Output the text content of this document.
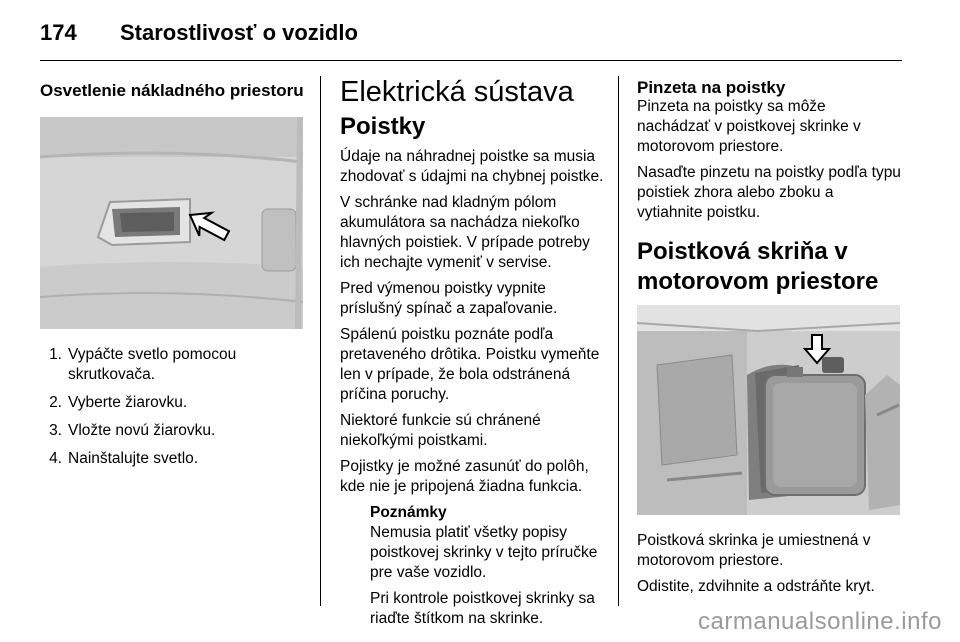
174 Starostlivosť o vozidlo
Osvetlenie nákladného priestoru
1. Vypáčte svetlo pomocou skrutkovača.
2. Vyberte žiarovku.
3. Vložte novú žiarovku.
4. Nainštalujte svetlo.
Elektrická sústava
Poistky

Údaje na náhradnej poistke sa musia zhodovať s údajmi na chybnej poistke.

V schránke nad kladným pólom akumulátora sa nachádza niekoľko hlavných poistiek. V prípade potreby ich nechajte vymeniť v servise.

Pred výmenou poistky vypnite príslušný spínač a zapaľovanie.

Spálenú poistku poznáte podľa pretaveného drôtika. Poistku vymeňte len v prípade, že bola odstránená príčina poruchy.

Niektoré funkcie sú chránené niekoľkými poistkami.

Pojistky je možné zasunúť do polôh, kde nie je pripojená žiadna funkcia.

Poznámky

Nemusia platiť všetky popisy poistkovej skrinky v tejto príručke pre vaše vozidlo.

Pri kontrole poistkovej skrinky sa riaďte štítkom na skrinke.

Pinzeta na poistky

Pinzeta na poistky sa môže nachádzať v poistkovej skrinke v motorovom priestore.

Nasaďte pinzetu na poistky podľa typu poistiek zhora alebo zboku a vytiahnite poistku.

Poistková skriňa v motorovom priestore

Poistková skrinka je umiestnená v motorovom priestore.

Odistite, zdvihnite a odstráňte kryt.

carmanualsonline.info
